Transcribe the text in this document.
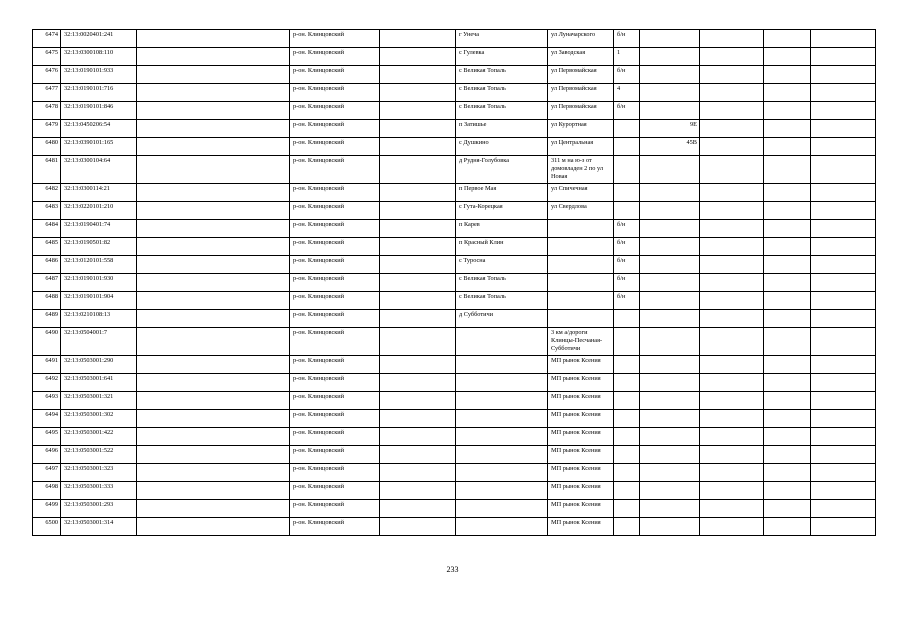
6474	32:13:0020401:241		р-он. Клинцовский		г Унеча	ул Луначарского	б/н				
6475	32:13:0300108:110		р-он. Клинцовский		с Гулевка	ул Заводская	1				
6476	32:13:0190101:933		р-он. Клинцовский		с Великая Топаль	ул Первомайская	б/н				
6477	32:13:0190101:716		р-он. Клинцовский		с Великая Топаль	ул Первомайская	4				
6478	32:13:0190101:846		р-он. Клинцовский		с Великая Топаль	ул Первомайская	б/н				
6479	32:13:0450206:54		р-он. Клинцовский		п Затишье	ул Курортная		9Е			
6480	32:13:0390101:165		р-он. Клинцовский		с Душкино	ул Центральная		45В			
6481	32:13:0300104:64		р-он. Клинцовский		д Рудня-Голубовка	311 м на ю-з от домовладен 2 по ул Новая					
6482	32:13:0300114:21		р-он. Клинцовский		п Первое Мая	ул Спичечная					
6483	32:13:0220101:210		р-он. Клинцовский		с Гута-Корецкая	ул Свердлова					
6484	32:13:0190401:74		р-он. Клинцовский		п Карев		б/н				
6485	32:13:0190501:82		р-он. Клинцовский		п Красный Клин		б/н				
6486	32:13:0120101:558		р-он. Клинцовский		с Туросна		б/н				
6487	32:13:0190101:930		р-он. Клинцовский		с Великая Топаль		б/н				
6488	32:13:0190101:904		р-он. Клинцовский		с Великая Топаль		б/н				
6489	32:13:0210108:13		р-он. Клинцовский		д Субботичи						
6490	32:13:0504001:7		р-он. Клинцовский			3 км а/дороги Клинцы-Песчаная-Субботичи					
6491	32:13:0503001:290		р-он. Клинцовский			МП рынок Ксения					
6492	32:13:0503001:641		р-он. Клинцовский			МП рынок Ксения					
6493	32:13:0503001:321		р-он. Клинцовский			МП рынок Ксения					
6494	32:13:0503001:302		р-он. Клинцовский			МП рынок Ксения					
6495	32:13:0503001:422		р-он. Клинцовский			МП рынок Ксения					
6496	32:13:0503001:522		р-он. Клинцовский			МП рынок Ксения					
6497	32:13:0503001:323		р-он. Клинцовский			МП рынок Ксения					
6498	32:13:0503001:333		р-он. Клинцовский			МП рынок Ксения					
6499	32:13:0503001:293		р-он. Клинцовский			МП рынок Ксения					
6500	32:13:0503001:314		р-он. Клинцовский			МП рынок Ксения					
233
